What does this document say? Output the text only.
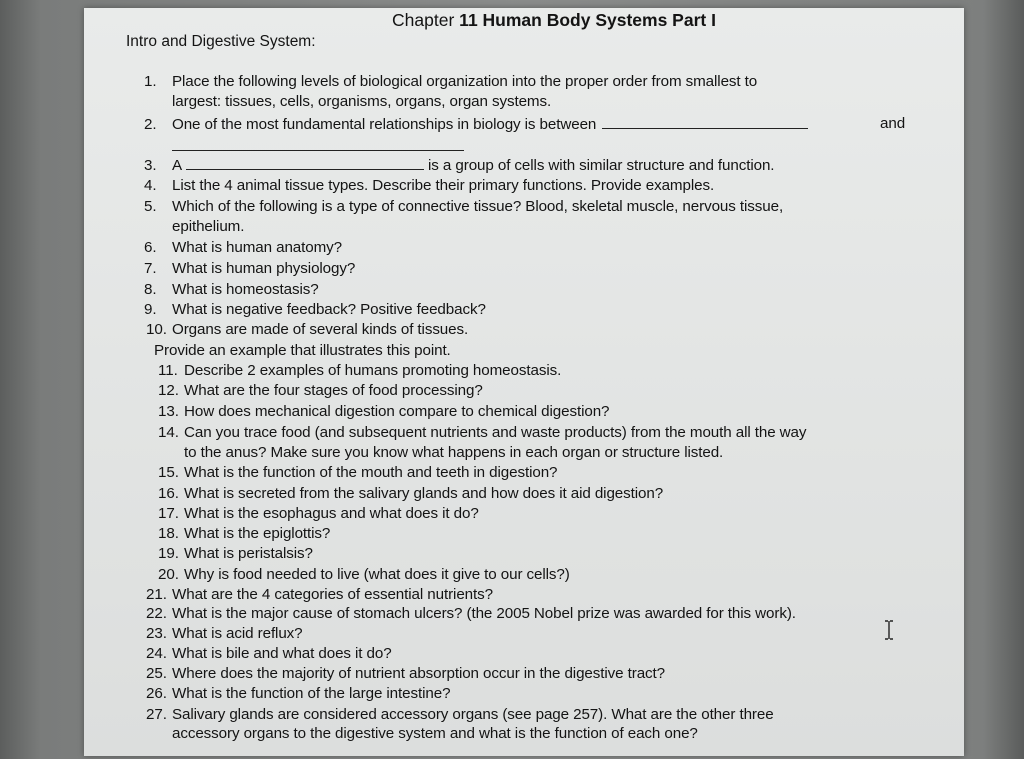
Chapter 11 Human Body Systems Part I
Intro and Digestive System:
1. Place the following levels of biological organization into the proper order from smallest to
largest: tissues, cells, organisms, organs, organ systems.
2. One of the most fundamental relationships in biology is between	and
3. A	is a group of cells with similar structure and function.
4. List the 4 animal tissue types. Describe their primary functions. Provide examples.
5. Which of the following is a type of connective tissue? Blood, skeletal muscle, nervous tissue,
epithelium.
6. What is human anatomy?
7. What is human physiology?
8. What is homeostasis?
9. What is negative feedback? Positive feedback?
10. Organs are made of several kinds of tissues.
Provide an example that illustrates this point.
11. Describe 2 examples of humans promoting homeostasis.
12. What are the four stages of food processing?
13. How does mechanical digestion compare to chemical digestion?
14. Can you trace food (and subsequent nutrients and waste products) from the mouth all the way
to the anus? Make sure you know what happens in each organ or structure listed.
15. What is the function of the mouth and teeth in digestion?
16. What is secreted from the salivary glands and how does it aid digestion?
17. What is the esophagus and what does it do?
18. What is the epiglottis?
19. What is peristalsis?
20. Why is food needed to live (what does it give to our cells?)
21. What are the 4 categories of essential nutrients?
22. What is the major cause of stomach ulcers? (the 2005 Nobel prize was awarded for this work).
23. What is acid reflux?
24. What is bile and what does it do?
25. Where does the majority of nutrient absorption occur in the digestive tract?
26. What is the function of the large intestine?
27. Salivary glands are considered accessory organs (see page 257). What are the other three
accessory organs to the digestive system and what is the function of each one?
